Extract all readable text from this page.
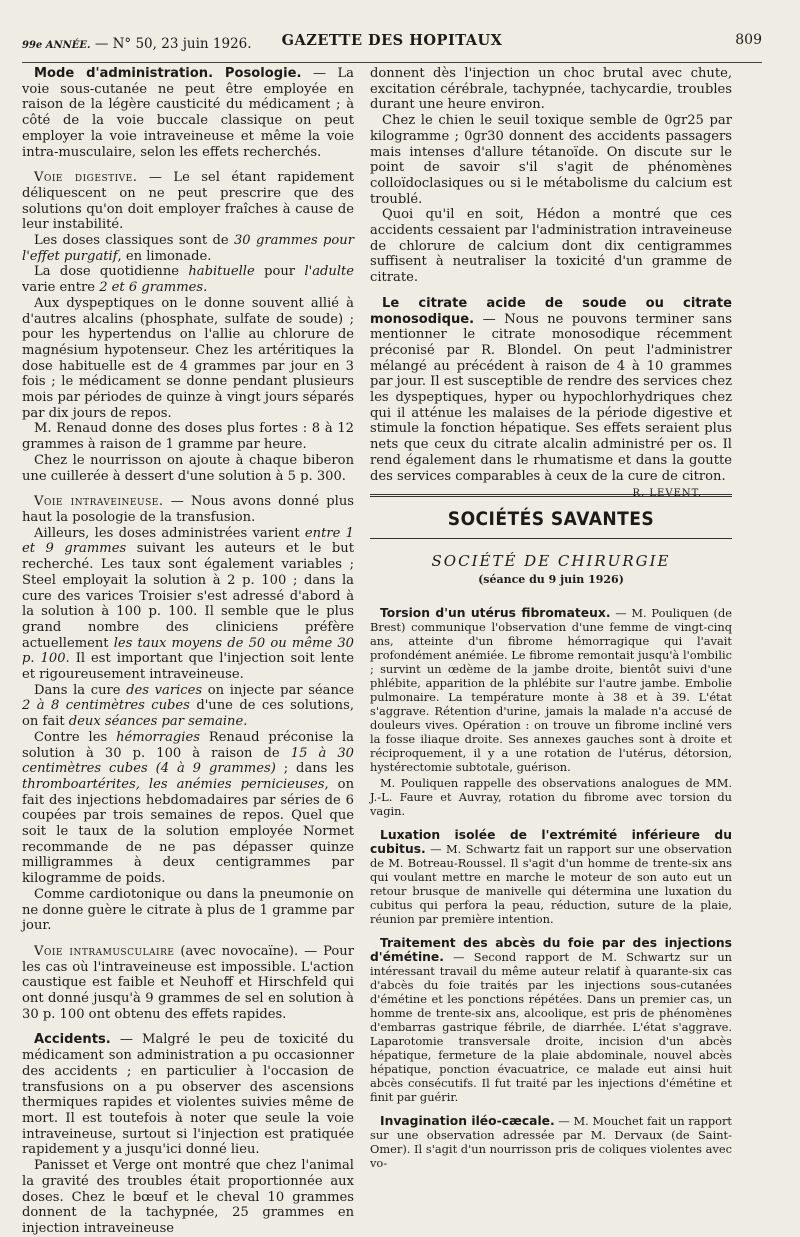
99e ANNÉE. — N° 50, 23 juin 1926.	GAZETTE DES HOPITAUX	809

Mode d'administration. Posologie. — La voie sous-cutanée ne peut être employée en raison de la légère causticité du médicament ; à côté de la voie buccale classique on peut employer la voie intraveineuse et même la voie intra-musculaire, selon les effets recherchés.

Voie digestive. — Le sel étant rapidement déliquescent on ne peut prescrire que des solutions qu'on doit employer fraîches à cause de leur instabilité.

Les doses classiques sont de 30 grammes pour l'effet purgatif, en limonade.

La dose quotidienne habituelle pour l'adulte varie entre 2 et 6 grammes.

Aux dyspeptiques on le donne souvent allié à d'autres alcalins (phosphate, sulfate de soude) ; pour les hypertendus on l'allie au chlorure de magnésium hypotenseur. Chez les artéritiques la dose habituelle est de 4 grammes par jour en 3 fois ; le médicament se donne pendant plusieurs mois par périodes de quinze à vingt jours séparés par dix jours de repos.

M. Renaud donne des doses plus fortes : 8 à 12 grammes à raison de 1 gramme par heure.

Chez le nourrisson on ajoute à chaque biberon une cuillerée à dessert d'une solution à 5 p. 300.

Voie intraveineuse. — Nous avons donné plus haut la posologie de la transfusion.

Ailleurs, les doses administrées varient entre 1 et 9 grammes suivant les auteurs et le but recherché. Les taux sont également variables ; Steel employait la solution à 2 p. 100 ; dans la cure des varices Troisier s'est adressé d'abord à la solution à 100 p. 100. Il semble que le plus grand nombre des cliniciens préfère actuellement les taux moyens de 50 ou même 30 p. 100. Il est important que l'injection soit lente et rigoureusement intraveineuse.

Dans la cure des varices on injecte par séance 2 à 8 centimètres cubes d'une de ces solutions, on fait deux séances par semaine.

Contre les hémorragies Renaud préconise la solution à 30 p. 100 à raison de 15 à 30 centimètres cubes (4 à 9 grammes) ; dans les thromboartérites, les anémies pernicieuses, on fait des injections hebdomadaires par séries de 6 coupées par trois semaines de repos. Quel que soit le taux de la solution employée Normet recommande de ne pas dépasser quinze milligrammes à deux centigrammes par kilogramme de poids.

Comme cardiotonique ou dans la pneumonie on ne donne guère le citrate à plus de 1 gramme par jour.

Voie intramusculaire (avec novocaïne). — Pour les cas où l'intraveineuse est impossible. L'action caustique est faible et Neuhoff et Hirschfeld qui ont donné jusqu'à 9 grammes de sel en solution à 30 p. 100 ont obtenu des effets rapides.

Accidents. — Malgré le peu de toxicité du médicament son administration a pu occasionner des accidents ; en particulier à l'occasion de transfusions on a pu observer des ascensions thermiques rapides et violentes suivies même de mort. Il est toutefois à noter que seule la voie intraveineuse, surtout si l'injection est pratiquée rapidement y a jusqu'ici donné lieu.

Panisset et Verge ont montré que chez l'animal la gravité des troubles était proportionnée aux doses. Chez le bœuf et le cheval 10 grammes donnent de la tachypnée, 25 grammes en injection intraveineuse

donnent dès l'injection un choc brutal avec chute, excitation cérébrale, tachypnée, tachycardie, troubles durant une heure environ.

Chez le chien le seuil toxique semble de 0gr25 par kilogramme ; 0gr30 donnent des accidents passagers mais intenses d'allure tétanoïde. On discute sur le point de savoir s'il s'agit de phénomènes colloïdoclasiques ou si le métabolisme du calcium est troublé.

Quoi qu'il en soit, Hédon a montré que ces accidents cessaient par l'administration intraveineuse de chlorure de calcium dont dix centigrammes suffisent à neutraliser la toxicité d'un gramme de citrate.

Le citrate acide de soude ou citrate monosodique. — Nous ne pouvons terminer sans mentionner le citrate monosodique récemment préconisé par R. Blondel. On peut l'administrer mélangé au précédent à raison de 4 à 10 grammes par jour. Il est susceptible de rendre des services chez les dyspeptiques, hyper ou hypochlorhydriques chez qui il atténue les malaises de la période digestive et stimule la fonction hépatique. Ses effets seraient plus nets que ceux du citrate alcalin administré per os. Il rend également dans le rhumatisme et dans la goutte des services comparables à ceux de la cure de citron.

R. LEVENT.
SOCIÉTÉS SAVANTES
SOCIÉTÉ DE CHIRURGIE
(séance du 9 juin 1926)

Torsion d'un utérus fibromateux. — M. Pouliquen (de Brest) communique l'observation d'une femme de vingt-cinq ans, atteinte d'un fibrome hémorragique qui l'avait profondément anémiée. Le fibrome remontait jusqu'à l'ombilic ; survint un œdème de la jambe droite, bientôt suivi d'une phlébite, apparition de la phlébite sur l'autre jambe. Embolie pulmonaire. La température monte à 38 et à 39. L'état s'aggrave. Rétention d'urine, jamais la malade n'a accusé de douleurs vives. Opération : on trouve un fibrome incliné vers la fosse iliaque droite. Ses annexes gauches sont à droite et réciproquement, il y a une rotation de l'utérus, détorsion, hystérectomie subtotale, guérison.

M. Pouliquen rappelle des observations analogues de MM. J.-L. Faure et Auvray, rotation du fibrome avec torsion du vagin.

Luxation isolée de l'extrémité inférieure du cubitus. — M. Schwartz fait un rapport sur une observation de M. Botreau-Roussel. Il s'agit d'un homme de trente-six ans qui voulant mettre en marche le moteur de son auto eut un retour brusque de manivelle qui détermina une luxation du cubitus qui perfora la peau, réduction, suture de la plaie, réunion par première intention.

Traitement des abcès du foie par des injections d'émétine. — Second rapport de M. Schwartz sur un intéressant travail du même auteur relatif à quarante-six cas d'abcès du foie traités par les injections sous-cutanées d'émétine et les ponctions répétées. Dans un premier cas, un homme de trente-six ans, alcoolique, est pris de phénomènes d'embarras gastrique fébrile, de diarrhée. L'état s'aggrave. Laparotomie transversale droite, incision d'un abcès hépatique, fermeture de la plaie abdominale, nouvel abcès hépatique, ponction évacuatrice, ce malade eut ainsi huit abcès consécutifs. Il fut traité par les injections d'émétine et finit par guérir.

Invagination iléo-cæcale. — M. Mouchet fait un rapport sur une observation adressée par M. Dervaux (de Saint-Omer). Il s'agit d'un nourrisson pris de coliques violentes avec vo-
